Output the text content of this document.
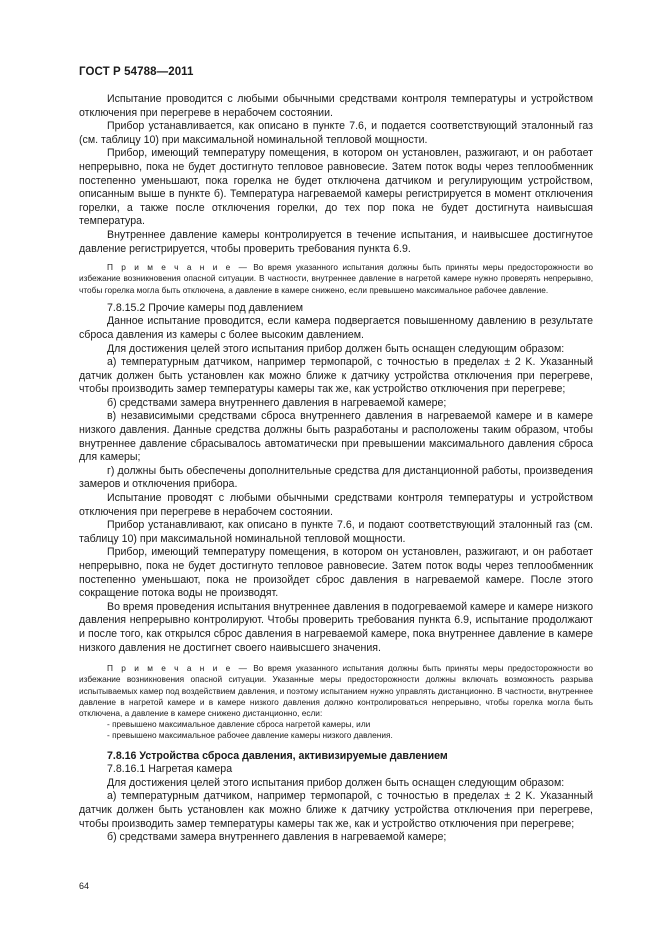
ГОСТ Р 54788—2011

Испытание проводится с любыми обычными средствами контроля температуры и устройством отключения при перегреве в нерабочем состоянии.

Прибор устанавливается, как описано в пункте 7.6, и подается соответствующий эталонный газ (см. таблицу 10) при максимальной номинальной тепловой мощности.

Прибор, имеющий температуру помещения, в котором он установлен, разжигают, и он работает непрерывно, пока не будет достигнуто тепловое равновесие. Затем поток воды через теплообменник постепенно уменьшают, пока горелка не будет отключена датчиком и регулирующим устройством, описанным выше в пункте б). Температура нагреваемой камеры регистрируется в момент отключения горелки, а также после отключения горелки, до тех пор пока не будет достигнута наивысшая температура.

Внутреннее давление камеры контролируется в течение испытания, и наивысшее достигнутое давление регистрируется, чтобы проверить требования пункта 6.9.

П р и м е ч а н и е — Во время указанного испытания должны быть приняты меры предосторожности во избежание возникновения опасной ситуации. В частности, внутреннее давление в нагретой камере нужно проверять непрерывно, чтобы горелка могла быть отключена, а давление в камере снижено, если превышено максимальное рабочее давление.

7.8.15.2 Прочие камеры под давлением

Данное испытание проводится, если камера подвергается повышенному давлению в результате сброса давления из камеры с более высоким давлением.

Для достижения целей этого испытания прибор должен быть оснащен следующим образом:

а) температурным датчиком, например термопарой, с точностью в пределах ± 2 K. Указанный датчик должен быть установлен как можно ближе к датчику устройства отключения при перегреве, чтобы производить замер температуры камеры так же, как устройство отключения при перегреве;

б) средствами замера внутреннего давления в нагреваемой камере;

в) независимыми средствами сброса внутреннего давления в нагреваемой камере и в камере низкого давления. Данные средства должны быть разработаны и расположены таким образом, чтобы внутреннее давление сбрасывалось автоматически при превышении максимального давления сброса для камеры;

г) должны быть обеспечены дополнительные средства для дистанционной работы, произведения замеров и отключения прибора.

Испытание проводят с любыми обычными средствами контроля температуры и устройством отключения при перегреве в нерабочем состоянии.

Прибор устанавливают, как описано в пункте 7.6, и подают соответствующий эталонный газ (см. таблицу 10) при максимальной номинальной тепловой мощности.

Прибор, имеющий температуру помещения, в котором он установлен, разжигают, и он работает непрерывно, пока не будет достигнуто тепловое равновесие. Затем поток воды через теплообменник постепенно уменьшают, пока не произойдет сброс давления в нагреваемой камере. После этого сокращение потока воды не производят.

Во время проведения испытания внутреннее давления в подогреваемой камере и камере низкого давления непрерывно контролируют. Чтобы проверить требования пункта 6.9, испытание продолжают и после того, как открылся сброс давления в нагреваемой камере, пока внутреннее давление в камере низкого давления не достигнет своего наивысшего значения.

П р и м е ч а н и е — Во время указанного испытания должны быть приняты меры предосторожности во избежание возникновения опасной ситуации. Указанные меры предосторожности должны включать возможность разрыва испытываемых камер под воздействием давления, и поэтому испытанием нужно управлять дистанционно. В частности, внутреннее давление в нагретой камере и в камере низкого давления должно контролироваться непрерывно, чтобы горелка могла быть отключена, а давление в камере снижено дистанционно, если:

- превышено максимальное давление сброса нагретой камеры, или

- превышено максимальное рабочее давление камеры низкого давления.

7.8.16 Устройства сброса давления, активизируемые давлением

7.8.16.1 Нагретая камера

Для достижения целей этого испытания прибор должен быть оснащен следующим образом:

а) температурным датчиком, например термопарой, с точностью в пределах ± 2 K. Указанный датчик должен быть установлен как можно ближе к датчику устройства отключения при перегреве, чтобы производить замер температуры камеры так же, как и устройство отключения при перегреве;

б) средствами замера внутреннего давления в нагреваемой камере;

64
